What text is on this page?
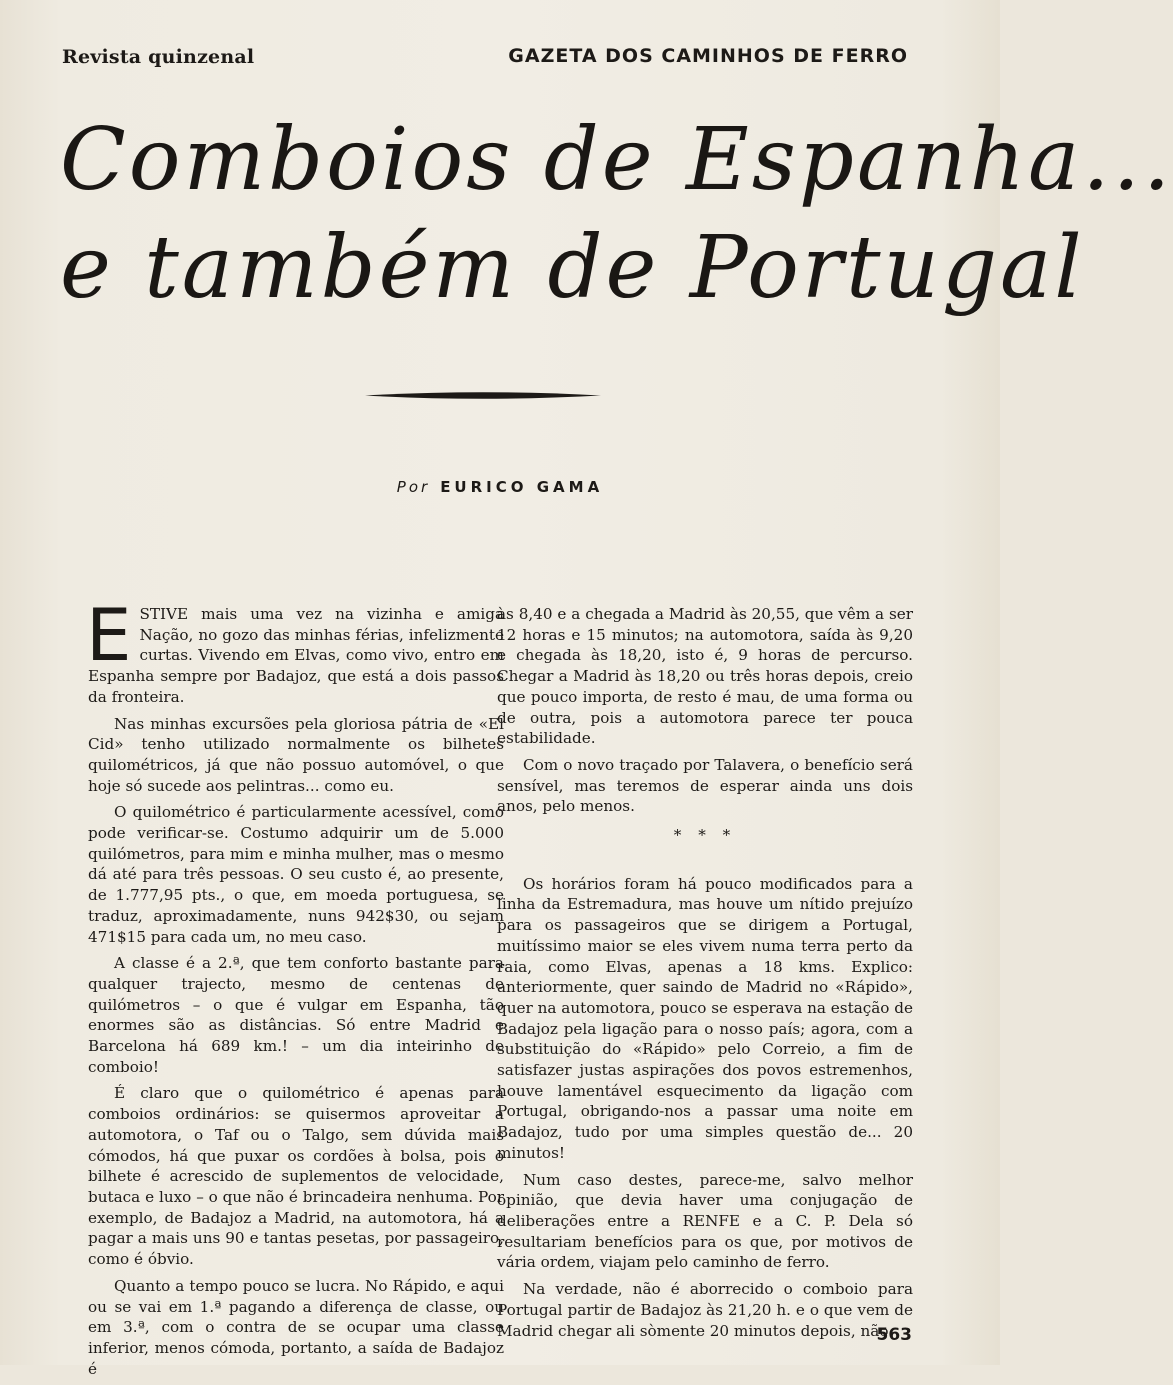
Revista quinzenal	GAZETA DOS CAMINHOS DE FERRO
Comboios de Espanha...
e também de Portugal
Por EURICO GAMA

ESTIVE mais uma vez na vizinha e amiga Nação, no gozo das minhas férias, infelizmente curtas. Vivendo em Elvas, como vivo, entro em Espanha sempre por Badajoz, que está a dois passos da fronteira.

Nas minhas excursões pela gloriosa pátria de «El Cid» tenho utilizado normalmente os bilhetes quilométricos, já que não possuo automóvel, o que hoje só sucede aos pelintras... como eu.

O quilométrico é particularmente acessível, como pode verificar-se. Costumo adquirir um de 5.000 quilómetros, para mim e minha mulher, mas o mesmo dá até para três pessoas. O seu custo é, ao presente, de 1.777,95 pts., o que, em moeda portuguesa, se traduz, aproximadamente, nuns 942$30, ou sejam 471$15 para cada um, no meu caso.

A classe é a 2.ª, que tem conforto bastante para qualquer trajecto, mesmo de centenas de quilómetros – o que é vulgar em Espanha, tão enormes são as distâncias. Só entre Madrid e Barcelona há 689 km.! – um dia inteirinho de comboio!

É claro que o quilométrico é apenas para comboios ordinários: se quisermos aproveitar a automotora, o Taf ou o Talgo, sem dúvida mais cómodos, há que puxar os cordões à bolsa, pois o bilhete é acrescido de suplementos de velocidade, butaca e luxo – o que não é brincadeira nenhuma. Por exemplo, de Badajoz a Madrid, na automotora, há a pagar a mais uns 90 e tantas pesetas, por passageiro, como é óbvio.

Quanto a tempo pouco se lucra. No Rápido, e aqui ou se vai em 1.ª pagando a diferença de classe, ou em 3.ª, com o contra de se ocupar uma classe inferior, menos cómoda, portanto, a saída de Badajoz é

às 8,40 e a chegada a Madrid às 20,55, que vêm a ser 12 horas e 15 minutos; na automotora, saída às 9,20 e chegada às 18,20, isto é, 9 horas de percurso. Chegar a Madrid às 18,20 ou três horas depois, creio que pouco importa, de resto é mau, de uma forma ou de outra, pois a automotora parece ter pouca estabilidade.

Com o novo traçado por Talavera, o benefício será sensível, mas teremos de esperar ainda uns dois anos, pelo menos.

* * *

Os horários foram há pouco modificados para a linha da Estremadura, mas houve um nítido prejuízo para os passageiros que se dirigem a Portugal, muitíssimo maior se eles vivem numa terra perto da raia, como Elvas, apenas a 18 kms. Explico: anteriormente, quer saindo de Madrid no «Rápido», quer na automotora, pouco se esperava na estação de Badajoz pela ligação para o nosso país; agora, com a substituição do «Rápido» pelo Correio, a fim de satisfazer justas aspirações dos povos estremenhos, houve lamentável esquecimento da ligação com Portugal, obrigando-nos a passar uma noite em Badajoz, tudo por uma simples questão de... 20 minutos!

Num caso destes, parece-me, salvo melhor opinião, que devia haver uma conjugação de deliberações entre a RENFE e a C. P. Dela só resultariam benefícios para os que, por motivos de vária ordem, viajam pelo caminho de ferro.

Na verdade, não é aborrecido o comboio para Portugal partir de Badajoz às 21,20 h. e o que vem de Madrid chegar ali sòmente 20 minutos depois, não

563
